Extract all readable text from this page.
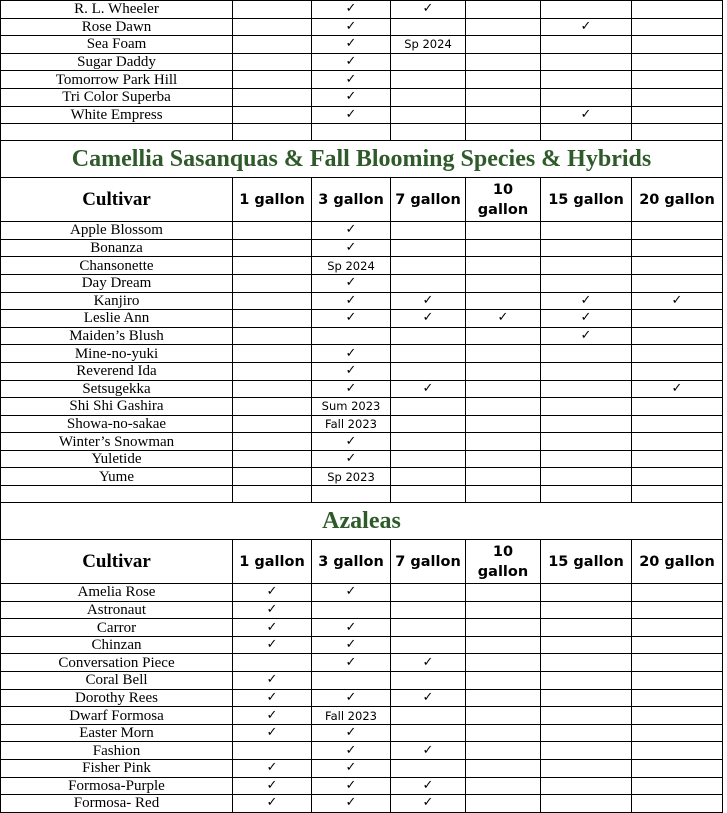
R. L. Wheeler		✓	✓			
Rose Dawn		✓			✓	
Sea Foam		✓	Sp 2024			
Sugar Daddy		✓				
Tomorrow Park Hill		✓				
Tri Color Superba		✓				
White Empress		✓			✓	

Camellia Sasanquas & Fall Blooming Species & Hybrids						
Cultivar	1 gallon	3 gallon	7 gallon	10
gallon	15 gallon	20 gallon
Apple Blossom		✓				
Bonanza		✓				
Chansonette		Sp 2024				
Day Dream		✓				
Kanjiro		✓	✓		✓	✓
Leslie Ann		✓	✓	✓	✓	
Maiden’s Blush					✓	
Mine-no-yuki		✓				
Reverend Ida		✓				
Setsugekka		✓	✓			✓
Shi Shi Gashira		Sum 2023				
Showa-no-sakae		Fall 2023				
Winter’s Snowman		✓				
Yuletide		✓				
Yume		Sp 2023				

Azaleas						
Cultivar	1 gallon	3 gallon	7 gallon	10
gallon	15 gallon	20 gallon
Amelia Rose	✓	✓				
Astronaut	✓					
Carror	✓	✓				
Chinzan	✓	✓				
Conversation Piece		✓	✓			
Coral Bell	✓					
Dorothy Rees	✓	✓	✓			
Dwarf Formosa	✓	Fall 2023				
Easter Morn	✓	✓				
Fashion		✓	✓			
Fisher Pink	✓	✓				
Formosa-Purple	✓	✓	✓			
Formosa- Red	✓	✓	✓			
